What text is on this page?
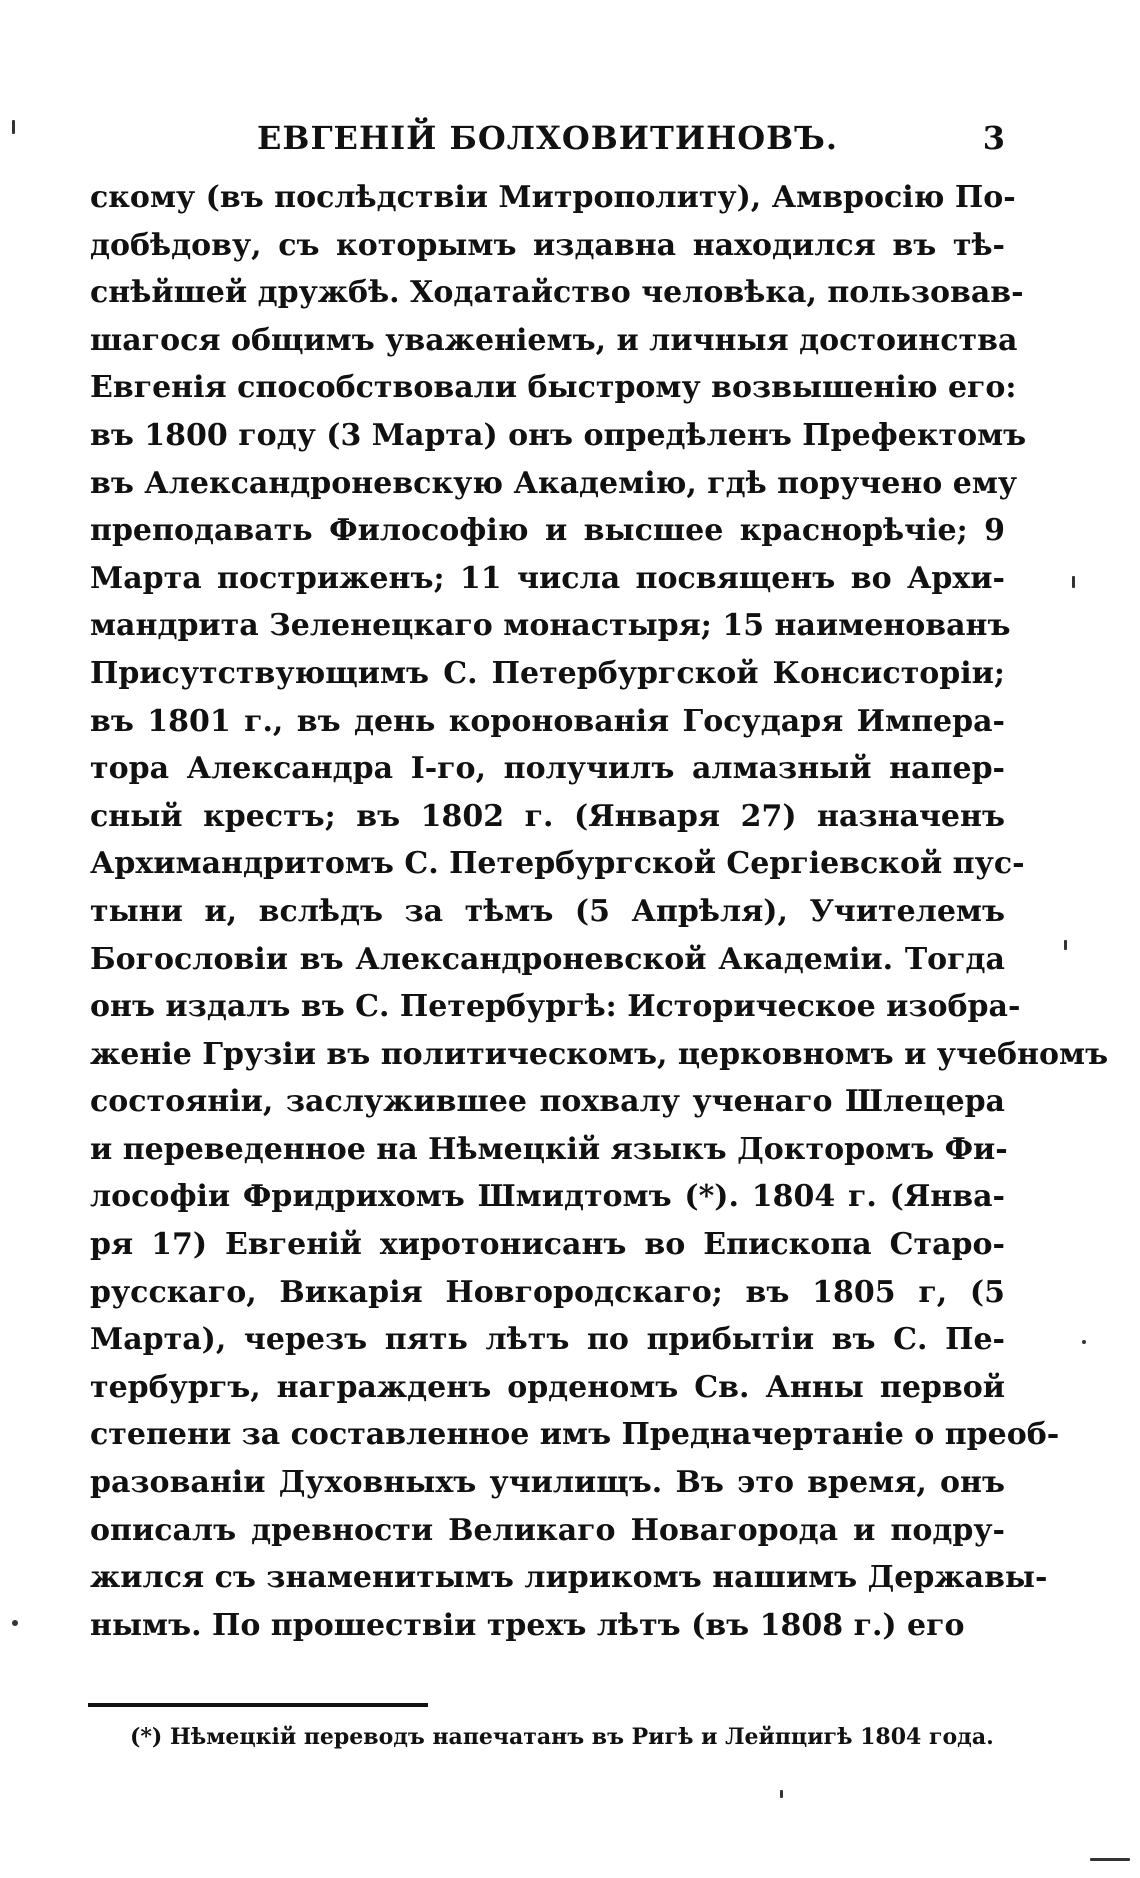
ЕВГЕНІЙ БОЛХОВИТИНОВЪ.	3
скому (въ послѣдствіи Митрополиту), Амвросію По-
добѣдову, съ которымъ издавна находился въ тѣ-
снѣйшей дружбѣ. Ходатайство человѣка, пользовав-
шагося общимъ уваженіемъ, и личныя достоинства
Евгенія способствовали быстрому возвышенію его:
въ 1800 году (3 Марта) онъ опредѣленъ Префектомъ
въ Александроневскую Академію, гдѣ поручено ему
преподавать Философію и высшее краснорѣчіе; 9
Марта постриженъ; 11 числа посвященъ во Архи-
мандрита Зеленецкаго монастыря; 15 наименованъ
Присутствующимъ С. Петербургской Консисторіи;
въ 1801 г., въ день коронованія Государя Импера-
тора Александра I-го, получилъ алмазный напер-
сный крестъ; въ 1802 г. (Января 27) назначенъ
Архимандритомъ С. Петербургской Сергіевской пус-
тыни и, вслѣдъ за тѣмъ (5 Апрѣля), Учителемъ
Богословіи въ Александроневской Академіи. Тогда
онъ издалъ въ С. Петербургѣ: Историческое изобра-
женіе Грузіи въ политическомъ, церковномъ и учебномъ
состояніи, заслужившее похвалу ученаго Шлецера
и переведенное на Нѣмецкій языкъ Докторомъ Фи-
лософіи Фридрихомъ Шмидтомъ (*). 1804 г. (Янва-
ря 17) Евгеній хиротонисанъ во Епископа Старо-
русскаго, Викарія Новгородскаго; въ 1805 г, (5
Марта), черезъ пять лѣтъ по прибытіи въ С. Пе-
тербургъ, награжденъ орденомъ Св. Анны первой
степени за составленное имъ Предначертаніе о преоб-
разованіи Духовныхъ училищъ. Въ это время, онъ
описалъ древности Великаго Новагорода и подру-
жился съ знаменитымъ лирикомъ нашимъ Державы-
нымъ. По прошествіи трехъ лѣтъ (въ 1808 г.) его
(*) Нѣмецкій переводъ напечатанъ въ Ригѣ и Лейпцигѣ 1804 года.
